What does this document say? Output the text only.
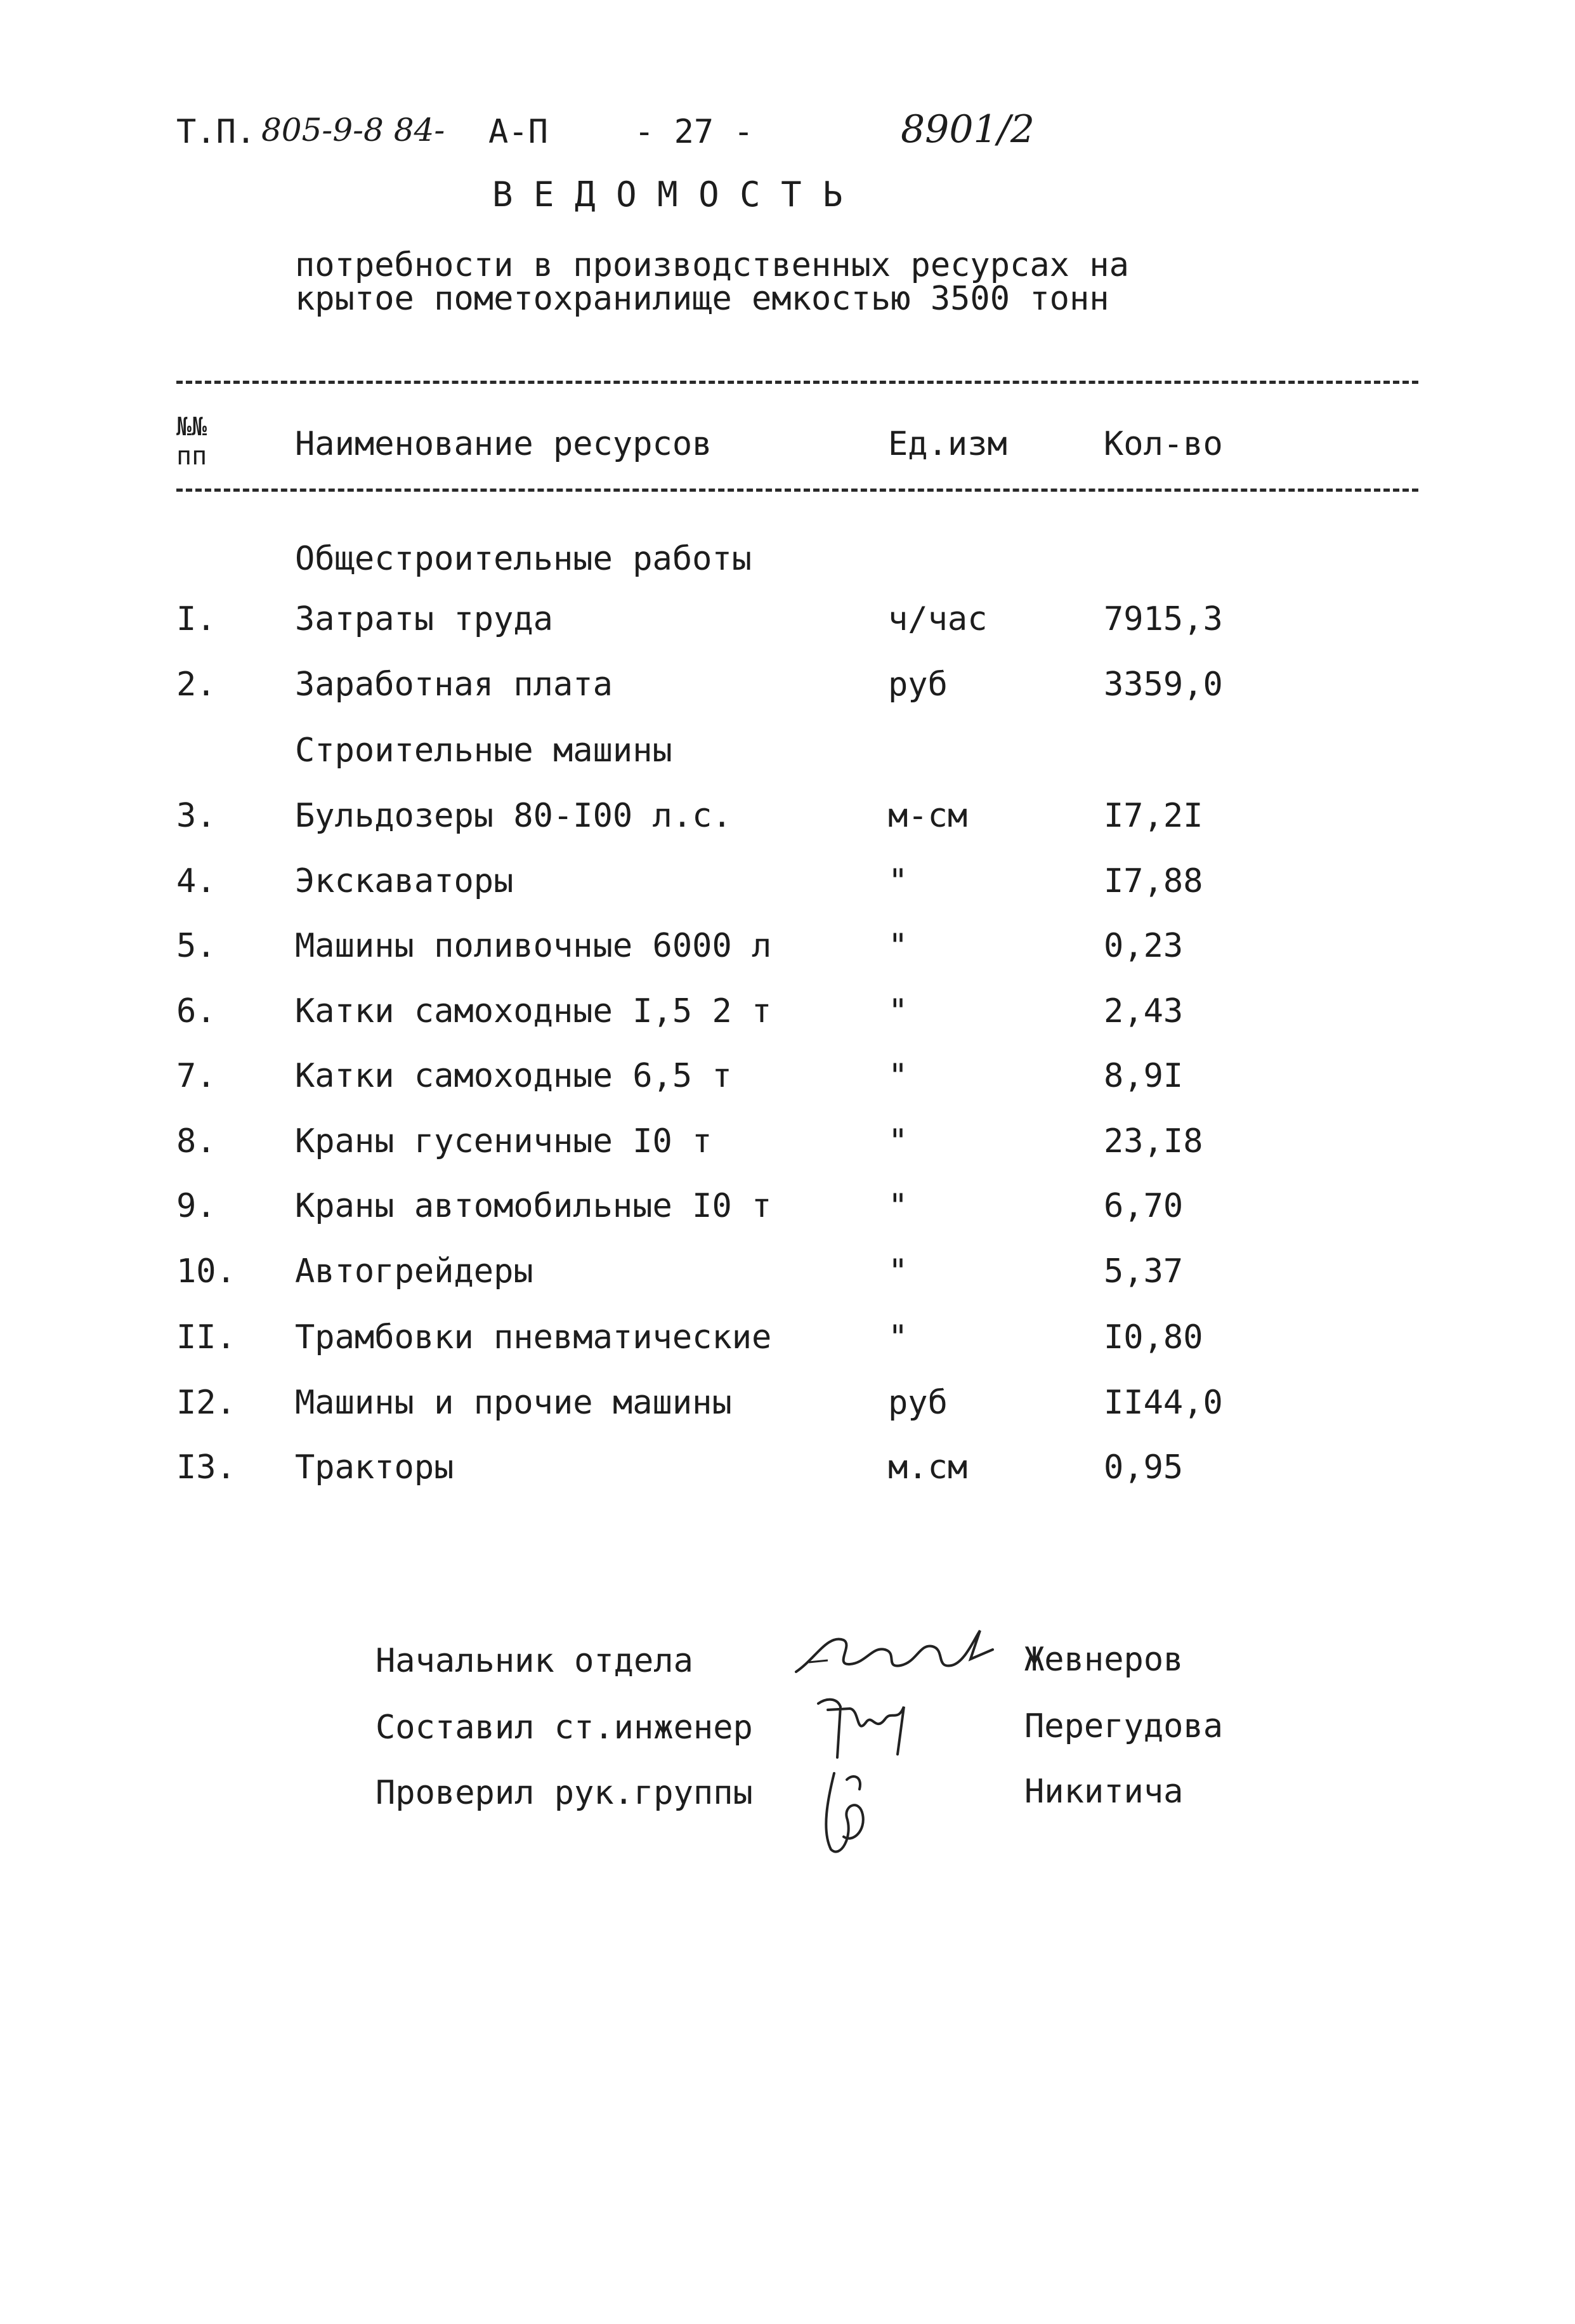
Т.П. 805-9-8 84- А-П	- 27 -	8901/2
В Е Д О М О С Т Ь
потребности в производственных ресурсах на
крытое пометохранилище емкостью 3500 тонн
№№
пп	Наименование ресурсов	Ед.изм	Кол-во
Общестроительные работы
I. Затраты труда	ч/час	7915,3
2. Заработная плата	руб	3359,0
Строительные машины
3. Бульдозеры 80-I00 л.с.	м-см	I7,2I
4. Экскаваторы	"	I7,88
5. Машины поливочные 6000 л	"	0,23
6. Катки самоходные I,5 2 т	"	2,43
7. Катки самоходные 6,5 т	"	8,9I
8. Краны гусеничные I0 т	"	23,I8
9. Краны автомобильные I0 т	"	6,70
10. Автогрейдеры	"	5,37
II. Трамбовки пневматические	"	I0,80
I2. Машины и прочие машины	руб	II44,0
I3. Тракторы	м.см	0,95
Начальник отдела	Жевнеров
Составил ст.инженер	Перегудова
Проверил рук.группы	Никитича
